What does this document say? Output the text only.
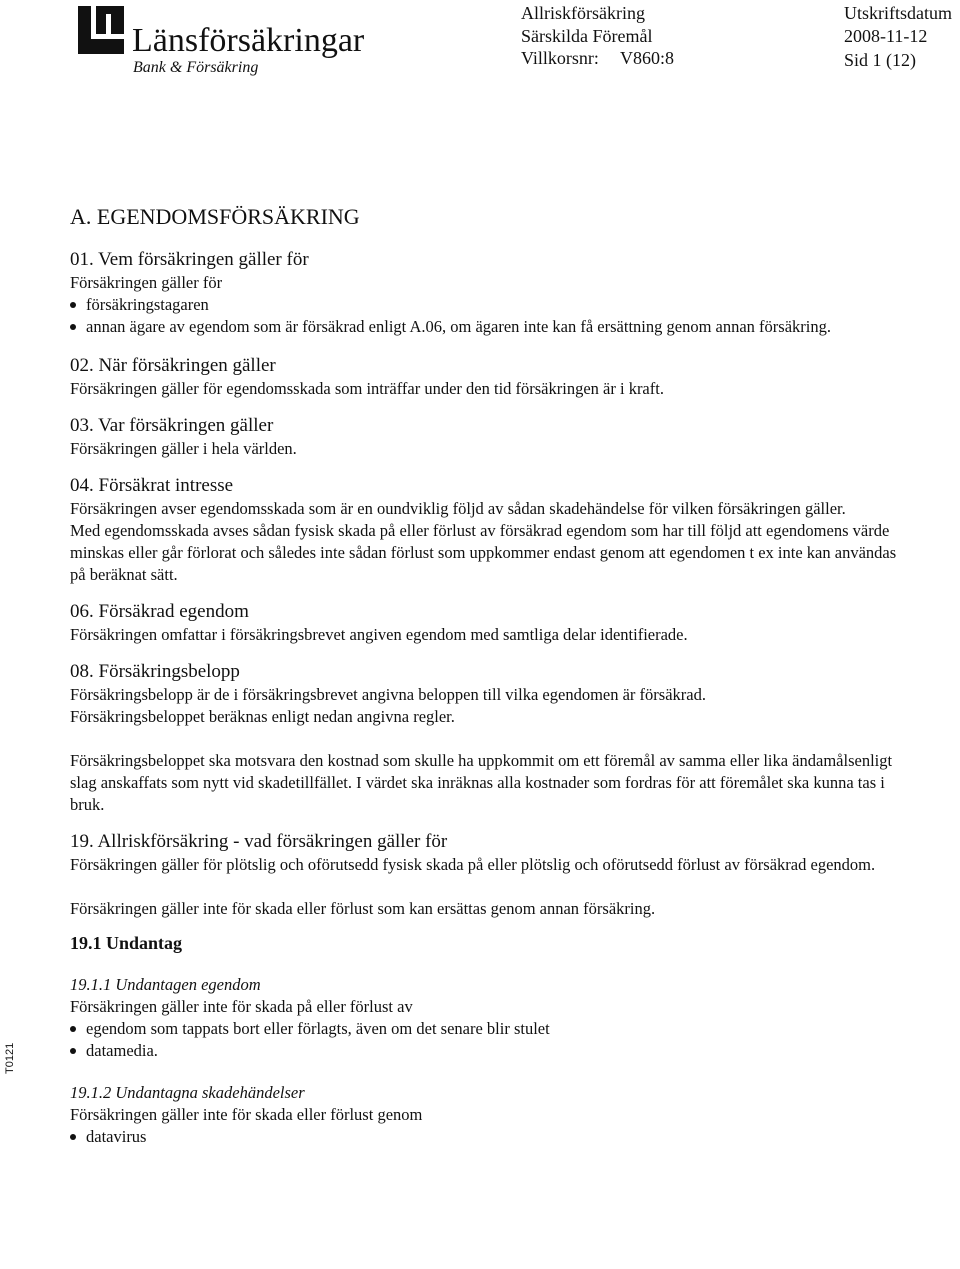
Länsförsäkringar
Bank & Försäkring
Allriskförsäkring
Särskilda Föremål
Villkorsnr: V860:8
Utskriftsdatum
2008-11-12
Sid 1 (12)
T0121
A. EGENDOMSFÖRSÄKRING
01. Vem försäkringen gäller för
Försäkringen gäller för
försäkringstagaren
annan ägare av egendom som är försäkrad enligt A.06, om ägaren inte kan få ersättning genom annan försäkring.
02. När försäkringen gäller
Försäkringen gäller för egendomsskada som inträffar under den tid försäkringen är i kraft.
03. Var försäkringen gäller
Försäkringen gäller i hela världen.
04. Försäkrat intresse
Försäkringen avser egendomsskada som är en oundviklig följd av sådan skadehändelse för vilken försäkringen gäller.
Med egendomsskada avses sådan fysisk skada på eller förlust av försäkrad egendom som har till följd att egendomens värde minskas eller går förlorat och således inte sådan förlust som uppkommer endast genom att egendomen t ex inte kan användas på beräknat sätt.
06. Försäkrad egendom
Försäkringen omfattar i försäkringsbrevet angiven egendom med samtliga delar identifierade.
08. Försäkringsbelopp
Försäkringsbelopp är de i försäkringsbrevet angivna beloppen till vilka egendomen är försäkrad.
Försäkringsbeloppet beräknas enligt nedan angivna regler.
Försäkringsbeloppet ska motsvara den kostnad som skulle ha uppkommit om ett föremål av samma eller lika ändamålsenligt slag anskaffats som nytt vid skadetillfället. I värdet ska inräknas alla kostnader som fordras för att föremålet ska kunna tas i bruk.
19. Allriskförsäkring - vad försäkringen gäller för
Försäkringen gäller för plötslig och oförutsedd fysisk skada på eller plötslig och oförutsedd förlust av försäkrad egendom.
Försäkringen gäller inte för skada eller förlust som kan ersättas genom annan försäkring.
19.1 Undantag
19.1.1 Undantagen egendom
Försäkringen gäller inte för skada på eller förlust av
egendom som tappats bort eller förlagts, även om det senare blir stulet
datamedia.
19.1.2 Undantagna skadehändelser
Försäkringen gäller inte för skada eller förlust genom
datavirus
